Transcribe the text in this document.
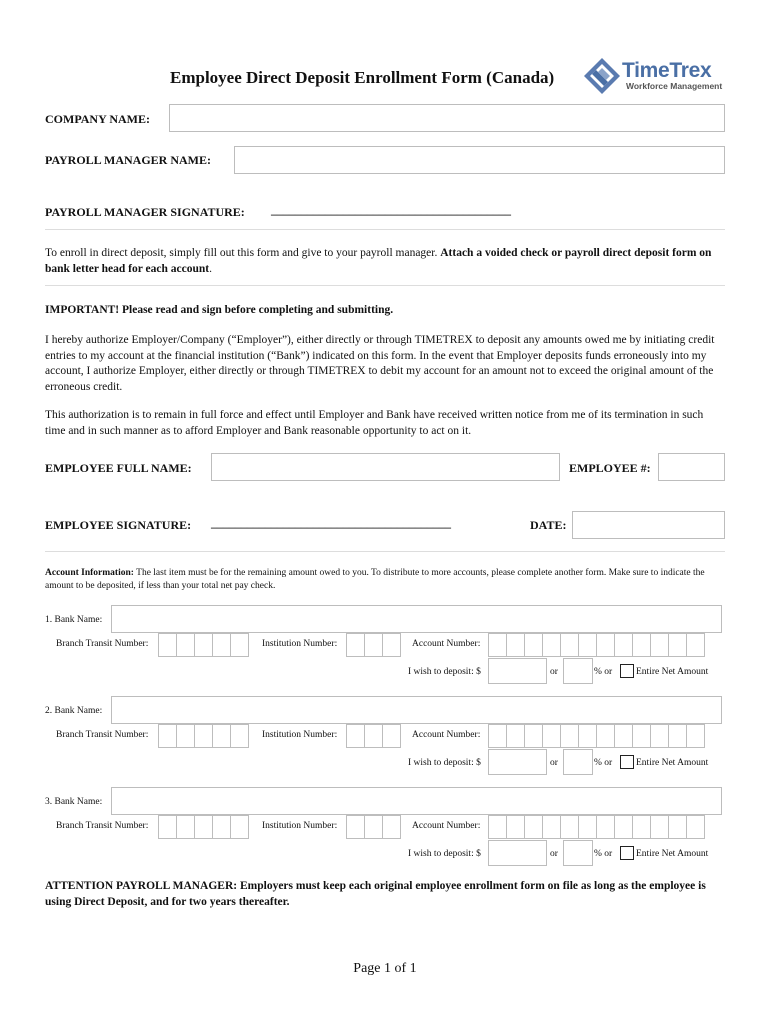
Employee Direct Deposit Enrollment Form (Canada)	TimeTrex
Workforce Management
COMPANY NAME:
PAYROLL MANAGER NAME:
PAYROLL MANAGER SIGNATURE: ________________________________________
To enroll in direct deposit, simply fill out this form and give to your payroll manager. Attach a voided check or payroll direct deposit form on bank letter head for each account.
IMPORTANT! Please read and sign before completing and submitting.
I hereby authorize Employer/Company (“Employer”), either directly or through TIMETREX to deposit any amounts owed me by initiating credit entries to my account at the financial institution (“Bank”) indicated on this form. In the event that Employer deposits funds erroneously into my account, I authorize Employer, either directly or through TIMETREX to debit my account for an amount not to exceed the original amount of the erroneous credit.
This authorization is to remain in full force and effect until Employer and Bank have received written notice from me of its termination in such time and in such manner as to afford Employer and Bank reasonable opportunity to act on it.
EMPLOYEE FULL NAME:	EMPLOYEE #:
EMPLOYEE SIGNATURE: ________________________________________	DATE:
Account Information: The last item must be for the remaining amount owed to you. To distribute to more accounts, please complete another form. Make sure to indicate the amount to be deposited, if less than your total net pay check.
1. Bank Name:
Branch Transit Number:	Institution Number:	Account Number:
I wish to deposit: $	or	% or	Entire Net Amount
2. Bank Name:
Branch Transit Number:	Institution Number:	Account Number:
I wish to deposit: $	or	% or	Entire Net Amount
3. Bank Name:
Branch Transit Number:	Institution Number:	Account Number:
I wish to deposit: $	or	% or	Entire Net Amount
ATTENTION PAYROLL MANAGER: Employers must keep each original employee enrollment form on file as long as the employee is using Direct Deposit, and for two years thereafter.
Page 1 of 1
